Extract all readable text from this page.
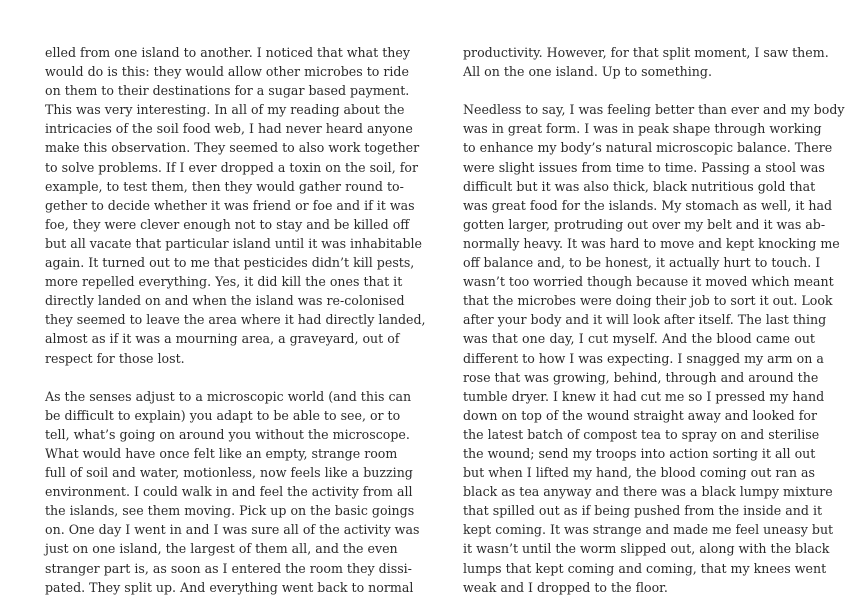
elled from one island to another. I noticed that what they
would do is this: they would allow other microbes to ride
on them to their destinations for a sugar based payment.
This was very interesting. In all of my reading about the
intricacies of the soil food web, I had never heard anyone
make this observation. They seemed to also work together
to solve problems. If I ever dropped a toxin on the soil, for
example, to test them, then they would gather round to-
gether to decide whether it was friend or foe and if it was
foe, they were clever enough not to stay and be killed off
but all vacate that particular island until it was inhabitable
again. It turned out to me that pesticides didn’t kill pests,
more repelled everything. Yes, it did kill the ones that it
directly landed on and when the island was re-colonised
they seemed to leave the area where it had directly landed,
almost as if it was a mourning area, a graveyard, out of
respect for those lost.
As the senses adjust to a microscopic world (and this can
be difficult to explain) you adapt to be able to see, or to
tell, what’s going on around you without the microscope.
What would have once felt like an empty, strange room
full of soil and water, motionless, now feels like a buzzing
environment. I could walk in and feel the activity from all
the islands, see them moving. Pick up on the basic goings
on. One day I went in and I was sure all of the activity was
just on one island, the largest of them all, and the even
stranger part is, as soon as I entered the room they dissi-
pated. They split up. And everything went back to normal
productivity. However, for that split moment, I saw them.
All on the one island. Up to something.
Needless to say, I was feeling better than ever and my body
was in great form. I was in peak shape through working
to enhance my body’s natural microscopic balance. There
were slight issues from time to time. Passing a stool was
difficult but it was also thick, black nutritious gold that
was great food for the islands. My stomach as well, it had
gotten larger, protruding out over my belt and it was ab-
normally heavy. It was hard to move and kept knocking me
off balance and, to be honest, it actually hurt to touch. I
wasn’t too worried though because it moved which meant
that the microbes were doing their job to sort it out. Look
after your body and it will look after itself. The last thing
was that one day, I cut myself. And the blood came out
different to how I was expecting. I snagged my arm on a
rose that was growing, behind, through and around the
tumble dryer. I knew it had cut me so I pressed my hand
down on top of the wound straight away and looked for
the latest batch of compost tea to spray on and sterilise
the wound; send my troops into action sorting it all out
but when I lifted my hand, the blood coming out ran as
black as tea anyway and there was a black lumpy mixture
that spilled out as if being pushed from the inside and it
kept coming. It was strange and made me feel uneasy but
it wasn’t until the worm slipped out, along with the black
lumps that kept coming and coming, that my knees went
weak and I dropped to the floor.
